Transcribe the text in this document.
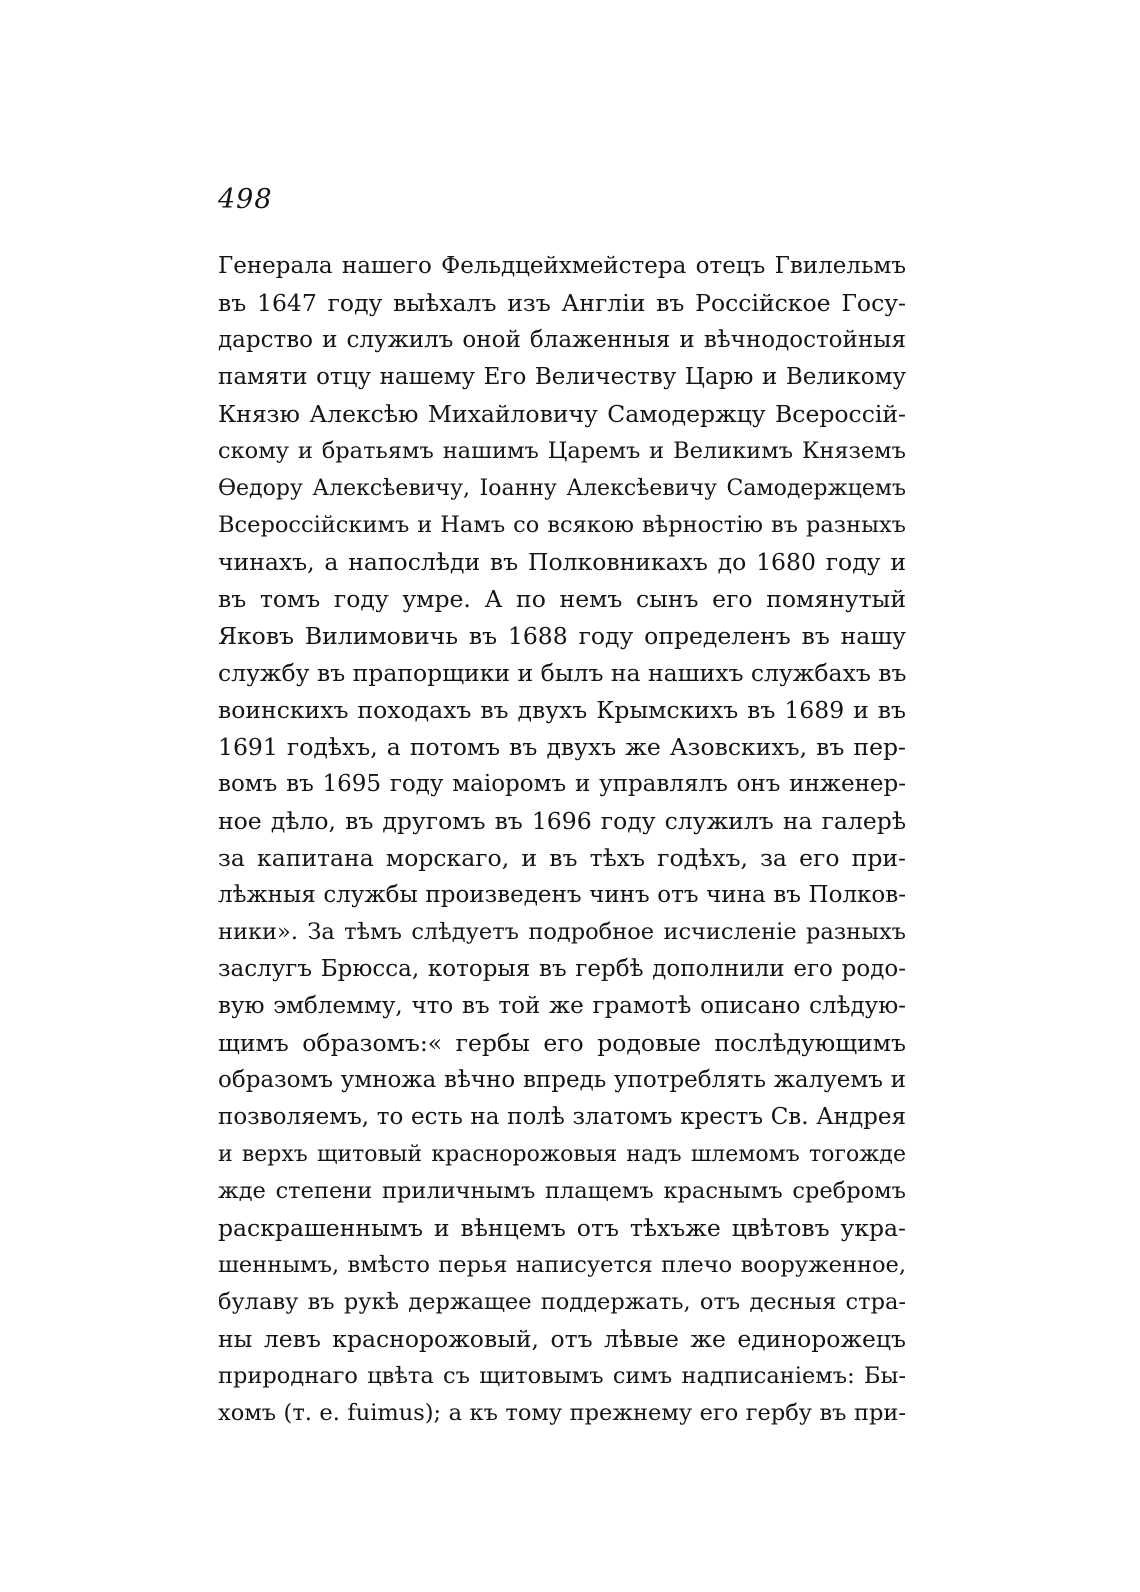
498
Генерала нашего Фельдцейхмейстера отецъ Гвилельмъ
въ 1647 году выѣхалъ изъ Англіи въ Россійское Госу-
дарство и служилъ оной блаженныя и вѣчнодостойныя
памяти отцу нашему Его Величеству Царю и Великому
Князю Алексѣю Михайловичу Самодержцу Всероссій-
скому и братьямъ нашимъ Царемъ и Великимъ Княземъ
Ѳедору Алексѣевичу, Іоанну Алексѣевичу Самодержцемъ
Всероссійскимъ и Намъ со всякою вѣрностію въ разныхъ
чинахъ, а напослѣди въ Полковникахъ до 1680 году и
въ томъ году умре. А по немъ сынъ его помянутый
Яковъ Вилимовичь въ 1688 году определенъ въ нашу
службу въ прапорщики и былъ на нашихъ службахъ въ
воинскихъ походахъ въ двухъ Крымскихъ въ 1689 и въ
1691 годѣхъ, а потомъ въ двухъ же Азовскихъ, въ пер-
вомъ въ 1695 году маіоромъ и управлялъ онъ инженер-
ное дѣло, въ другомъ въ 1696 году служилъ на галерѣ
за капитана морскаго, и въ тѣхъ годѣхъ, за его при-
лѣжныя службы произведенъ чинъ отъ чина въ Полков-
ники». За тѣмъ слѣдуетъ подробное исчисленіе разныхъ
заслугъ Брюсса, которыя въ гербѣ дополнили его родо-
вую эмблемму, что въ той же грамотѣ описано слѣдую-
щимъ образомъ:« гербы его родовые послѣдующимъ
образомъ умножа вѣчно впредь употреблять жалуемъ и
позволяемъ, то есть на полѣ златомъ крестъ Св. Андрея
и верхъ щитовый краснорожовыя надъ шлемомъ тогожде
жде степени приличнымъ плащемъ краснымъ сребромъ
раскрашеннымъ и вѣнцемъ отъ тѣхъже цвѣтовъ укра-
шеннымъ, вмѣсто перья написуется плечо вооруженное,
булаву въ рукѣ держащее поддержать, отъ десныя стра-
ны левъ краснорожовый, отъ лѣвые же единорожецъ
природнаго цвѣта съ щитовымъ симъ надписаніемъ: Бы-
хомъ (т. е. fuimus); а къ тому прежнему его гербу въ при-
